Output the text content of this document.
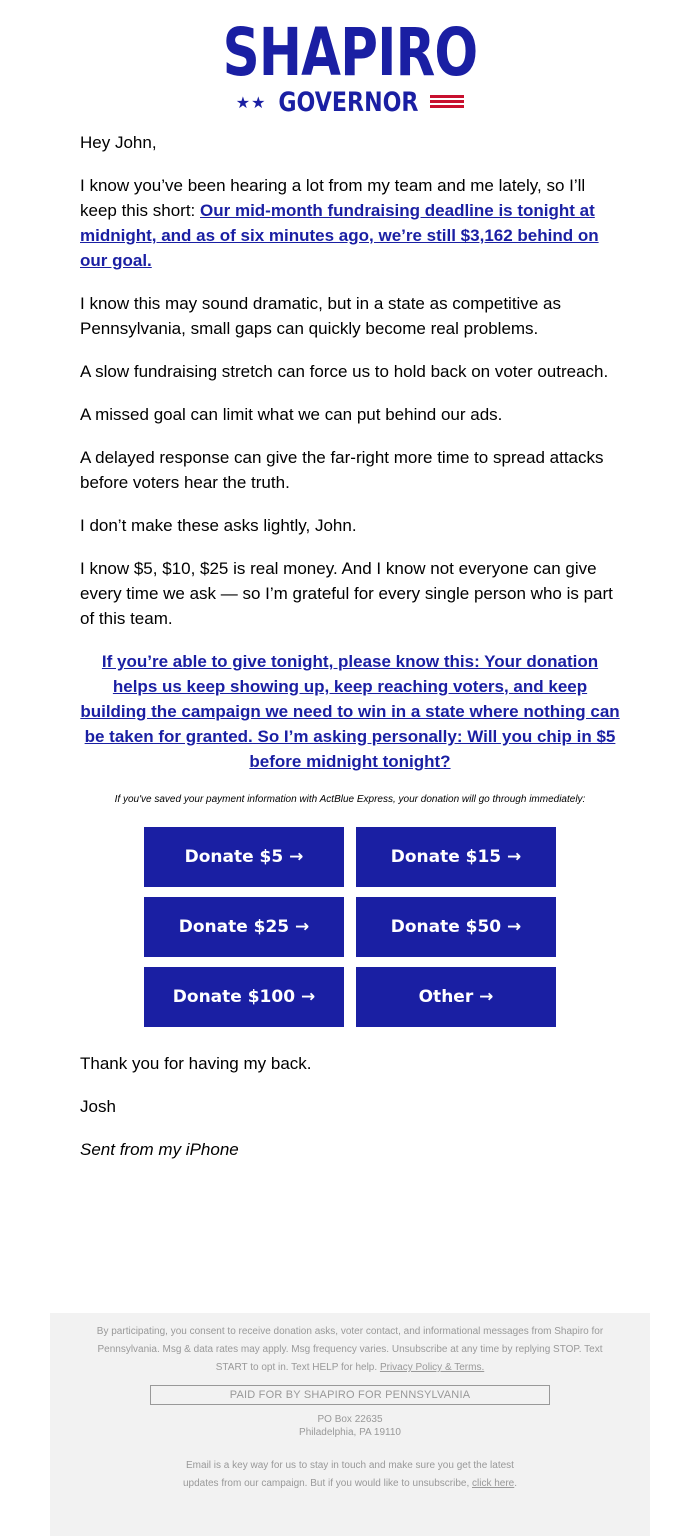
SHAPIRO
★★ GOVERNOR

Hey John,

I know you’ve been hearing a lot from my team and me lately, so I’ll keep this short: Our mid-month fundraising deadline is tonight at midnight, and as of six minutes ago, we’re still $3,162 behind on our goal.

I know this may sound dramatic, but in a state as competitive as Pennsylvania, small gaps can quickly become real problems.

A slow fundraising stretch can force us to hold back on voter outreach.

A missed goal can limit what we can put behind our ads.

A delayed response can give the far-right more time to spread attacks before voters hear the truth.

I don’t make these asks lightly, John.

I know $5, $10, $25 is real money. And I know not everyone can give every time we ask — so I’m grateful for every single person who is part of this team.

If you’re able to give tonight, please know this: Your donation helps us keep showing up, keep reaching voters, and keep building the campaign we need to win in a state where nothing can be taken for granted. So I’m asking personally: Will you chip in $5 before midnight tonight?
If you've saved your payment information with ActBlue Express, your donation will go through immediately:
Donate $5 →	Donate $15 →
Donate $25 →	Donate $50 →
Donate $100 →	Other →

Thank you for having my back.

Josh

Sent from my iPhone

By participating, you consent to receive donation asks, voter contact, and informational messages from Shapiro for Pennsylvania. Msg & data rates may apply. Msg frequency varies. Unsubscribe at any time by replying STOP. Text START to opt in. Text HELP for help. Privacy Policy & Terms.
PAID FOR BY SHAPIRO FOR PENNSYLVANIA
PO Box 22635
Philadelphia, PA 19110
Email is a key way for us to stay in touch and make sure you get the latest updates from our campaign. But if you would like to unsubscribe, click here.
